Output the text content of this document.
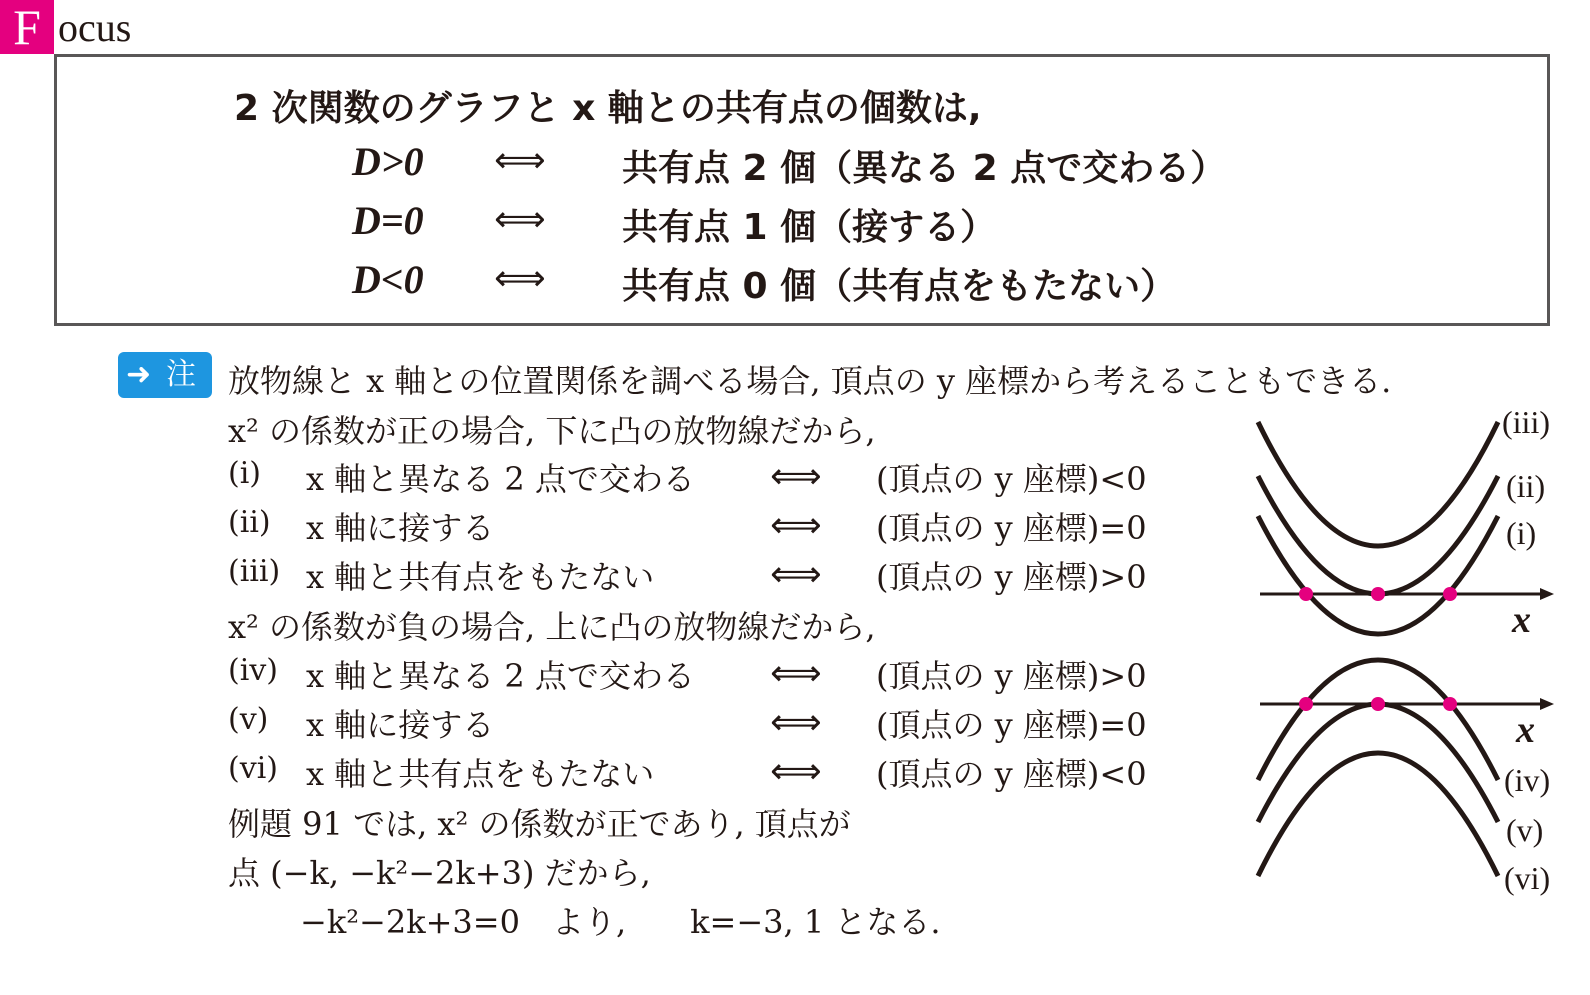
F ocus
2 次関数のグラフと x 軸との共有点の個数は,
D>0 ⟺ 共有点 2 個（異なる 2 点で交わる）
D=0 ⟺ 共有点 1 個（接する）
D<0 ⟺ 共有点 0 個（共有点をもたない）
➜ 注 放物線と x 軸との位置関係を調べる場合, 頂点の y 座標から考えることもできる.
x² の係数が正の場合, 下に凸の放物線だから,
(ⅰ) x 軸と異なる 2 点で交わる ⟺ (頂点の y 座標)<0
(ⅱ) x 軸に接する	⟺ (頂点の y 座標)=0
(ⅲ) x 軸と共有点をもたない	⟺ (頂点の y 座標)>0
x² の係数が負の場合, 上に凸の放物線だから,
(ⅳ) x 軸と異なる 2 点で交わる ⟺ (頂点の y 座標)>0
(ⅴ) x 軸に接する	⟺ (頂点の y 座標)=0
(ⅵ) x 軸と共有点をもたない	⟺ (頂点の y 座標)<0
例題 91 では, x² の係数が正であり, 頂点が
点 (−k, −k²−2k+3) だから,
−k²−2k+3=0　より,　　k=−3, 1 となる.
(iii)
(ii)
(i)
x
x
(iv)
(v)
(vi)
